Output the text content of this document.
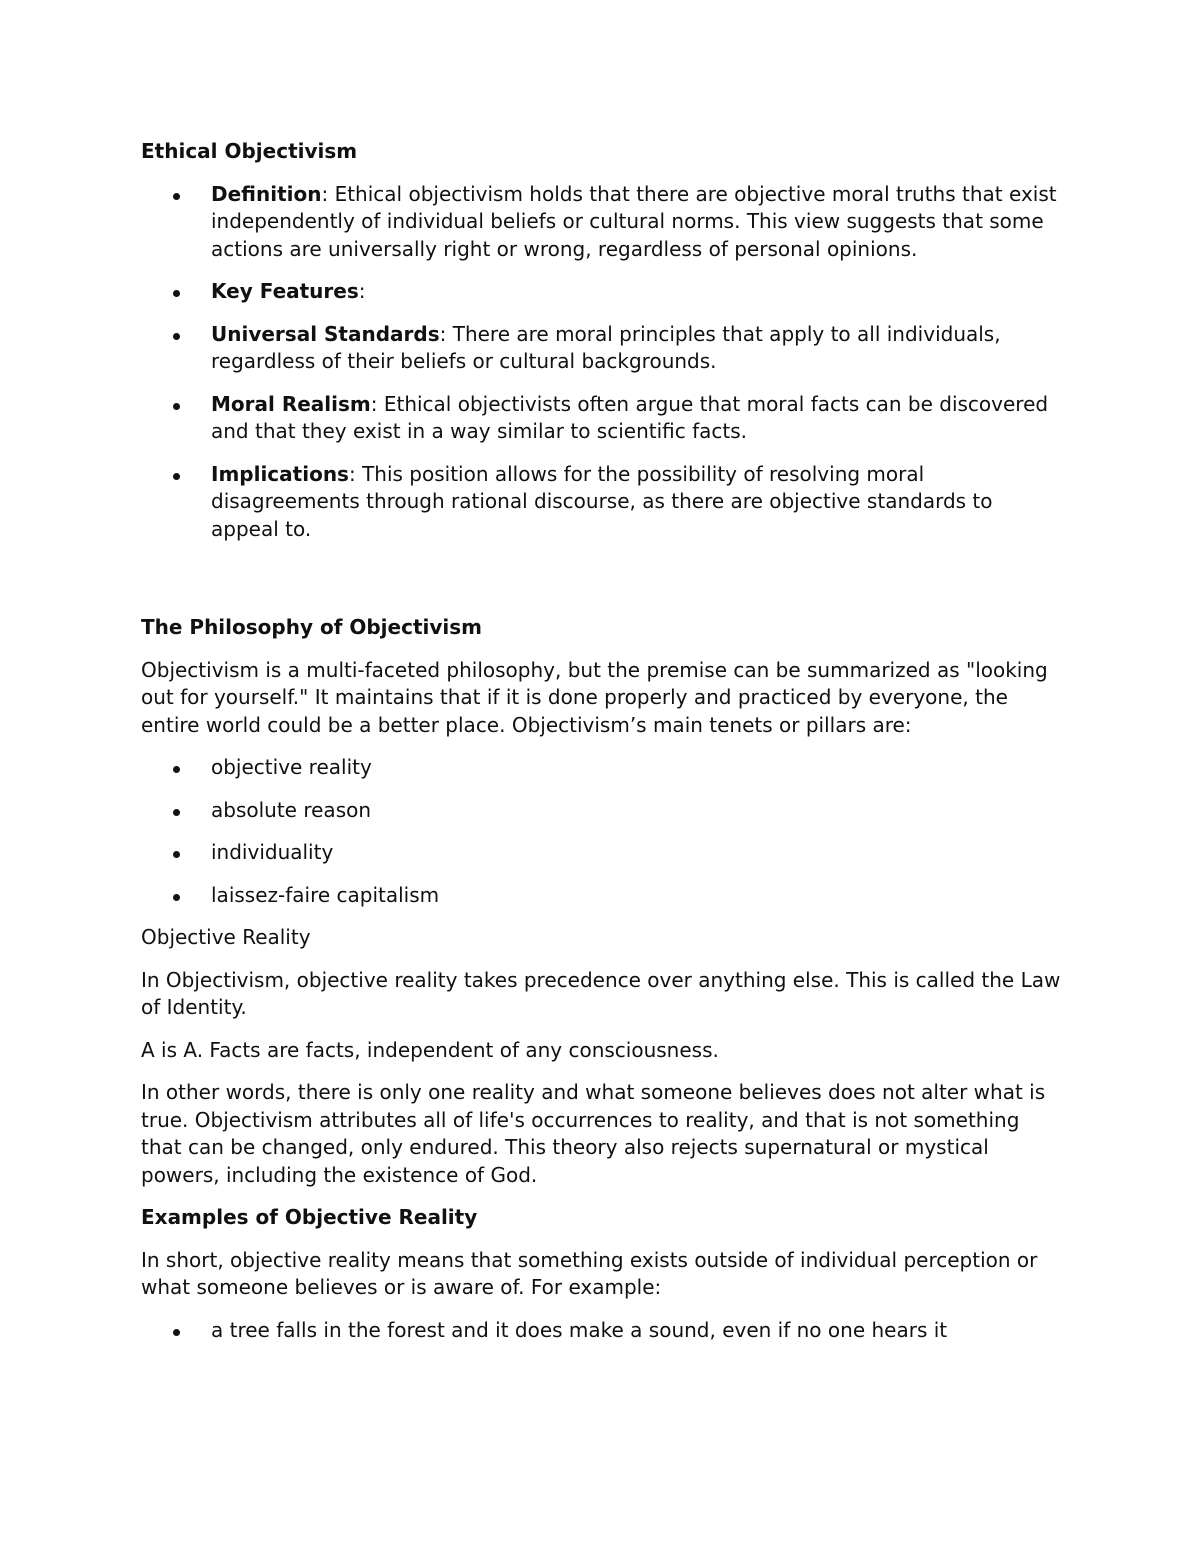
Ethical Objectivism
Definition: Ethical objectivism holds that there are objective moral truths that exist independently of individual beliefs or cultural norms. This view suggests that some actions are universally right or wrong, regardless of personal opinions.
Key Features:
Universal Standards: There are moral principles that apply to all individuals, regardless of their beliefs or cultural backgrounds.
Moral Realism: Ethical objectivists often argue that moral facts can be discovered and that they exist in a way similar to scientific facts.
Implications: This position allows for the possibility of resolving moral disagreements through rational discourse, as there are objective standards to appeal to.
The Philosophy of Objectivism

Objectivism is a multi-faceted philosophy, but the premise can be summarized as "looking out for yourself." It maintains that if it is done properly and practiced by everyone, the entire world could be a better place. Objectivism’s main tenets or pillars are:

objective reality
absolute reason
individuality
laissez-faire capitalism

Objective Reality

In Objectivism, objective reality takes precedence over anything else. This is called the Law of Identity.

A is A. Facts are facts, independent of any consciousness.

In other words, there is only one reality and what someone believes does not alter what is true. Objectivism attributes all of life's occurrences to reality, and that is not something that can be changed, only endured. This theory also rejects supernatural or mystical powers, including the existence of God.

Examples of Objective Reality

In short, objective reality means that something exists outside of individual perception or what someone believes or is aware of. For example:

a tree falls in the forest and it does make a sound, even if no one hears it
